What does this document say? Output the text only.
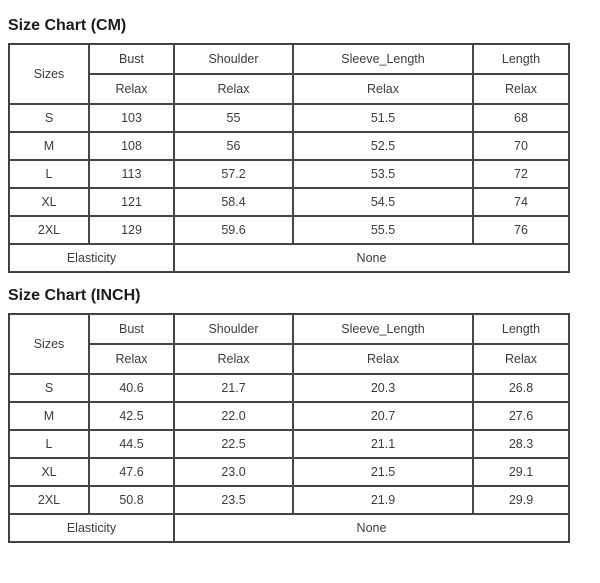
Size Chart (CM)
Sizes	Bust	Shoulder	Sleeve_Length	Length
	Relax	Relax	Relax	Relax
S	103	55	51.5	68
M	108	56	52.5	70
L	113	57.2	53.5	72
XL	121	58.4	54.5	74
2XL	129	59.6	55.5	76
Elasticity		None		
Size Chart (INCH)
Sizes	Bust	Shoulder	Sleeve_Length	Length
	Relax	Relax	Relax	Relax
S	40.6	21.7	20.3	26.8
M	42.5	22.0	20.7	27.6
L	44.5	22.5	21.1	28.3
XL	47.6	23.0	21.5	29.1
2XL	50.8	23.5	21.9	29.9
Elasticity		None		
